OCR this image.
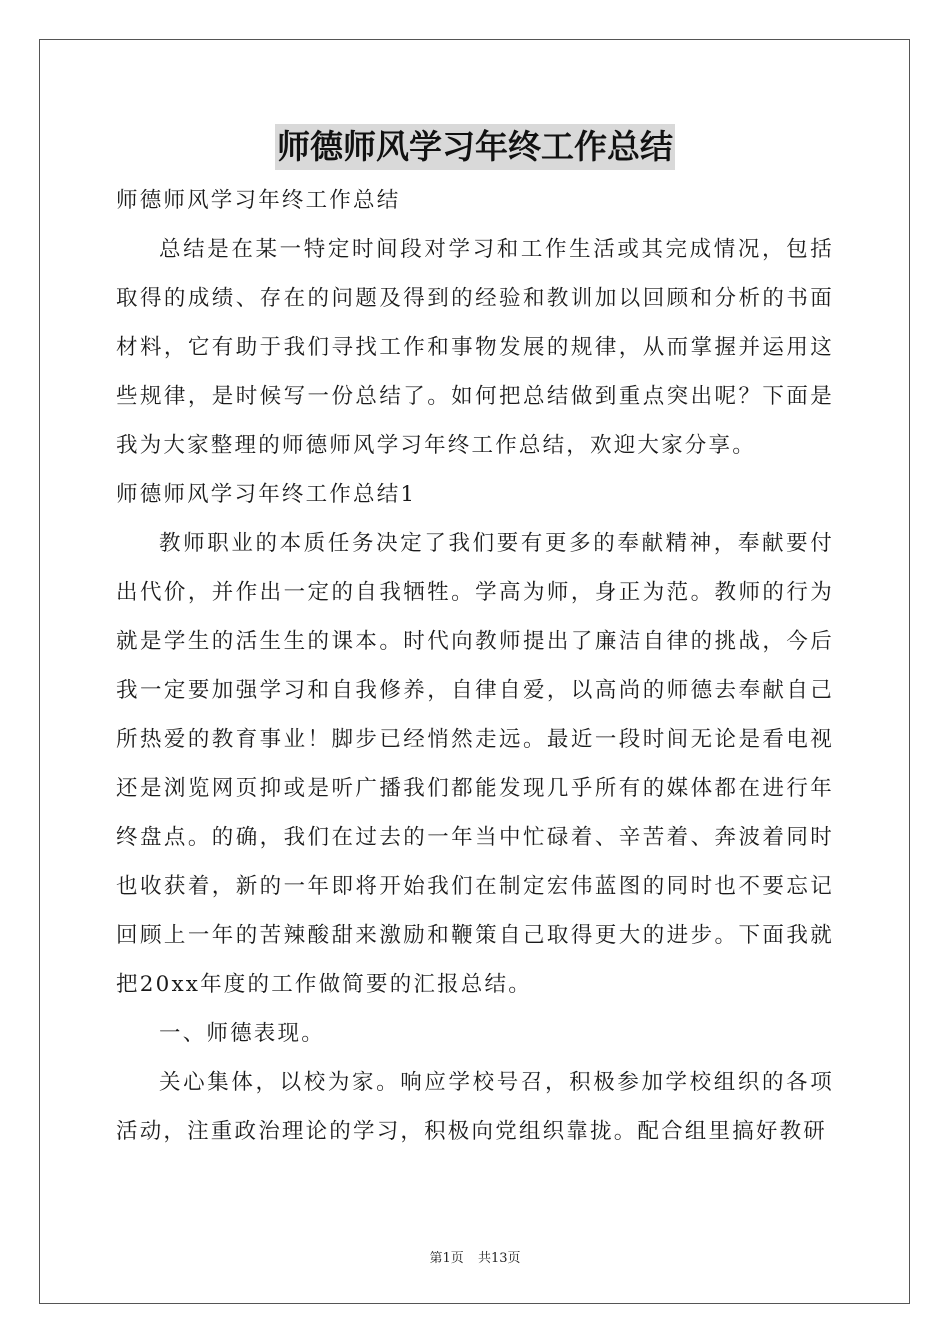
师德师风学习年终工作总结

师德师风学习年终工作总结

总结是在某一特定时间段对学习和工作生活或其完成情况，包括取得的成绩、存在的问题及得到的经验和教训加以回顾和分析的书面材料，它有助于我们寻找工作和事物发展的规律，从而掌握并运用这些规律，是时候写一份总结了。如何把总结做到重点突出呢？下面是我为大家整理的师德师风学习年终工作总结，欢迎大家分享。

师德师风学习年终工作总结1

教师职业的本质任务决定了我们要有更多的奉献精神，奉献要付出代价，并作出一定的自我牺牲。学高为师，身正为范。教师的行为就是学生的活生生的课本。时代向教师提出了廉洁自律的挑战，今后我一定要加强学习和自我修养，自律自爱，以高尚的师德去奉献自己所热爱的教育事业！脚步已经悄然走远。最近一段时间无论是看电视还是浏览网页抑或是听广播我们都能发现几乎所有的媒体都在进行年终盘点。的确，我们在过去的一年当中忙碌着、辛苦着、奔波着同时也收获着，新的一年即将开始我们在制定宏伟蓝图的同时也不要忘记回顾上一年的苦辣酸甜来激励和鞭策自己取得更大的进步。下面我就把20xx年度的工作做简要的汇报总结。

一、师德表现。

关心集体，以校为家。响应学校号召，积极参加学校组织的各项活动，注重政治理论的学习，积极向党组织靠拢。配合组里搞好教研

第1页 共13页
